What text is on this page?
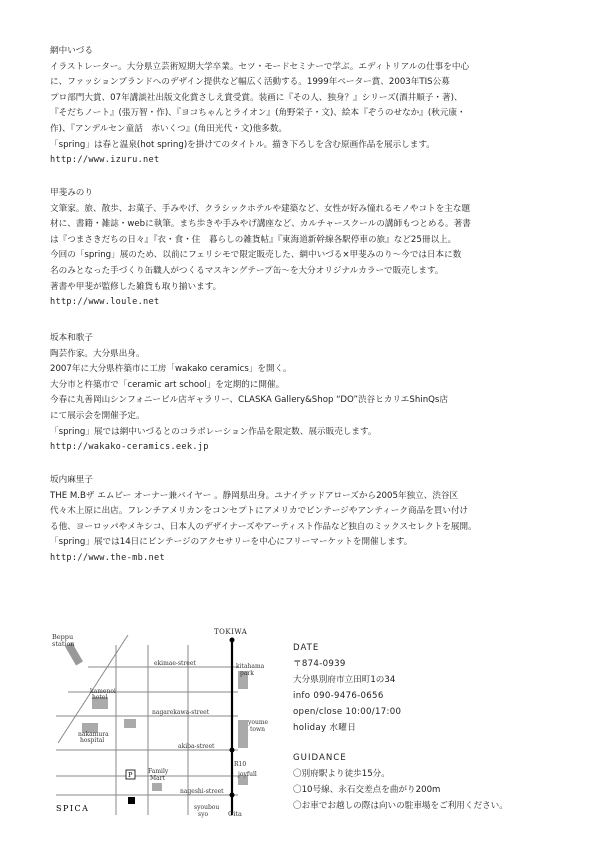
網中いづる

イラストレーター。大分県立芸術短期大学卒業。セツ・モードセミナーで学ぶ。エディトリアルの仕事を中心

に、ファッションブランドへのデザイン提供など幅広く活動する。1999年ペーター賞、2003年TIS公募

プロ部門大賞、07年講談社出版文化賞さしえ賞受賞。装画に『その人、独身？』シリーズ(酒井順子・著)、

『そだちノート』(張万智・作)、『ヨコちゃんとライオン』(角野栄子・文)、絵本『ぞうのせなか』(秋元康・

作)、『アンデルセン童話　赤いくつ』(角田光代・文)他多数。

「spring」は春と温泉(hot spring)を掛けてのタイトル。描き下ろしを含む原画作品を展示します。

http://www.izuru.net

甲斐みのり

文筆家。旅、散歩、お菓子、手みやげ、クラシックホテルや建築など、女性が好み憧れるモノやコトを主な題

材に、書籍・雑誌・webに執筆。まち歩きや手みやげ講座など、カルチャースクールの講師もつとめる。著書

は『つまさきだちの日々』『衣・食・住　暮らしの雑貨帖』『東海道新幹線各駅停車の旅』など25冊以上。

今回の「spring」展のため、以前にフェリシモで限定販売した、網中いづる×甲斐みのり〜今では日本に数

名のみとなった手づくり缶職人がつくるマスキングテープ缶〜を大分オリジナルカラーで販売します。

著書や甲斐が監修した雑貨も取り揃います。

http://www.loule.net

坂本和歌子

陶芸作家。大分県出身。

2007年に大分県杵築市に工房「wakako ceramics」を開く。

大分市と杵築市で「ceramic art school」を定期的に開催。

今春に丸善岡山シンフォニービル店ギャラリー、CLASKA Gallery&Shop “DO”渋谷ヒカリエShinQs店

にて展示会を開催予定。

「spring」展では網中いづるとのコラボレーション作品を限定数、展示販売します。

http://wakako-ceramics.eek.jp

坂内麻里子

THE M.Bザ エムビー オーナー兼バイヤー 。静岡県出身。ユナイテッドアローズから2005年独立、渋谷区

代々木上原に出店。フレンチアメリカンをコンセプトにアメリカでビンテージやアンティーク商品を買い付け

る他、ヨーロッパやメキシコ、日本人のデザイナーズやアーティスト作品など独自のミックスセレクトを展開。

「spring」展では14日にビンテージのアクセサリーを中心にフリーマーケットを開催します。

http://www.the-mb.net

Beppu station
TOKIWA
ekimae-street
kamenoi hotel
kitahama park
nagarekawa-street
nakamura hospital
youme town
akiba-street
R10
joyfull
Family Mart
P
nageshi-street
SPICA	syoubou syo	Oita
DATE
〒874-0939
大分県別府市立田町1の34
info 090-9476-0656
open/close 10:00/17:00
holiday 水曜日
GUIDANCE
〇別府駅より徒歩15分。
〇10号線、永石交差点を曲がり200m
〇お車でお越しの際は向いの駐車場をご利用ください。
